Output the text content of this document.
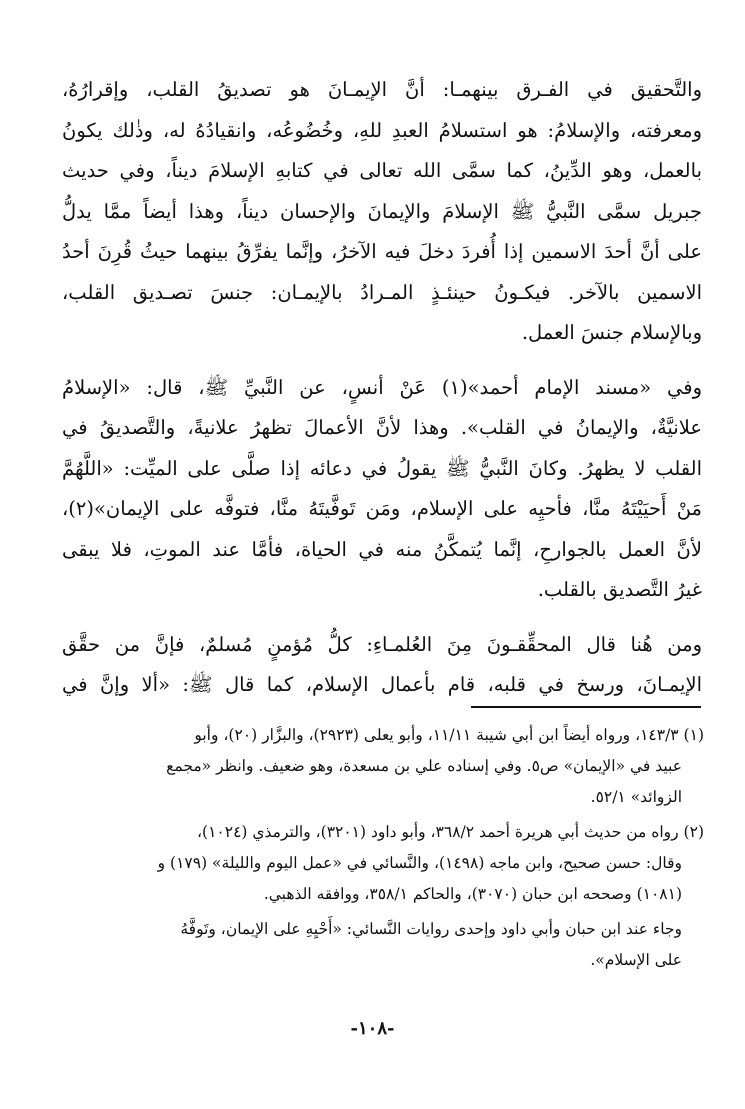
والتَّحقيق في الفـرق بينهمـا: أنَّ الإيمـانَ هو تصديقُ القلب، وإقرارُهُ،
ومعرفته، والإسلامُ: هو استسلامُ العبدِ للهِ، وخُضُوعُه، وانقيادُهُ له، وذٰلك يكونُ
بالعمل، وهو الدِّينُ، كما سمَّى الله تعالى في كتابهِ الإسلامَ ديناً، وفي حديث
جبريل سمَّى النَّبيُّ ﷺ الإسلامَ والإيمانَ والإحسان ديناً، وهذا أيضاً ممَّا يدلُّ
على أنَّ أحدَ الاسمين إذا أُفردَ دخلَ فيه الآخرُ، وإنَّما يفرِّقُ بينهما حيثُ قُرِنَ أحدُ
الاسمين بالآخر. فيكـونُ حينئـذٍ المـرادُ بالإيمـان: جنسَ تصـديق القلب،
وبالإسلام جنسَ العمل.
وفي «مسند الإمام أحمد»(١) عَنْ أنسٍ، عن النَّبيِّ ﷺ، قال: «الإسلامُ
علانيَّةٌ، والإيمانُ في القلب». وهذا لأنَّ الأعمالَ تظهرُ علانيةً، والتَّصديقُ في
القلب لا يظهرُ. وكانَ النَّبيُّ ﷺ يقولُ في دعائه إذا صلَّى على الميِّت: «اللَّهُمَّ
مَنْ أَحيَيْتَهُ منَّا، فأحيِه على الإسلام، ومَن تَوفَّيتَهُ منَّا، فتوفَّه على الإيمان»(٢)،
لأنَّ العمل بالجوارحِ، إنَّما يُتمكَّنُ منه في الحياة، فأمَّا عند الموتِ، فلا يبقى
غيرُ التَّصديق بالقلب.
ومن هُنا قال المحقِّقـونَ مِنَ العُلمـاءِ: كلُّ مُؤمنٍ مُسلمٌ، فإنَّ من حقَّق
الإيمـانَ، ورسخ في قلبه، قام بأعمال الإسلام، كما قال ﷺ: «ألا وإنَّ في
(١) ١٤٣/٣، ورواه أيضاً ابن أبي شيبة ١١/١١، وأبو يعلى (٢٩٢٣)، والبزَّار (٢٠)، وأبو
عبيد في «الإيمان» ص٥. وفي إسناده علي بن مسعدة، وهو ضعيف. وانظر «مجمع
الزوائد» ٥٢/١.
(٢) رواه من حديث أبي هريرة أحمد ٣٦٨/٢، وأبو داود (٣٢٠١)، والترمذي (١٠٢٤)،
وقال: حسن صحيح، وابن ماجه (١٤٩٨)، والنَّسائي في «عمل اليوم والليلة» (١٧٩) و
(١٠٨١) وصححه ابن حبان (٣٠٧٠)، والحاكم ٣٥٨/١، ووافقه الذهبي.
وجاء عند ابن حبان وأبي داود وإحدى روايات النَّسائي: «أَحْيِهِ على الإيمان، وتَوفَّهُ
على الإسلام».
-١٠٨-
